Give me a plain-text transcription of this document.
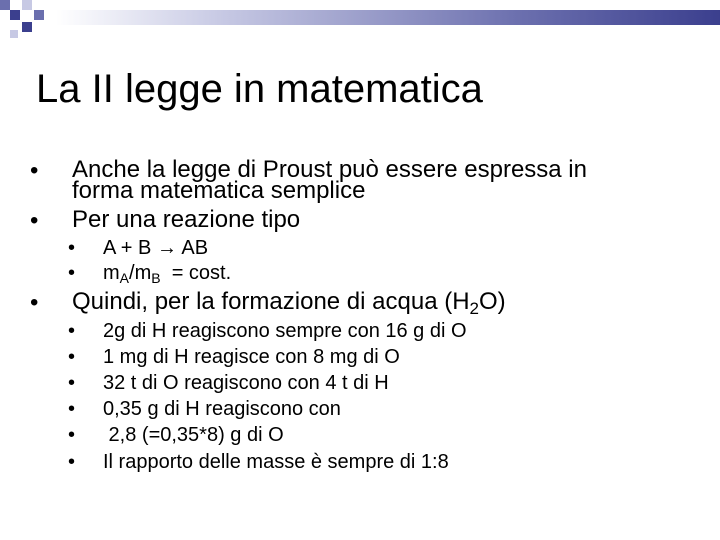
La II legge in matematica
• Anche la legge di Proust può essere espressa in
forma matematica semplice
• Per una reazione tipo
• A + B → AB
• $m_A/m_B = \cos t$.
• Quindi, per la formazione di acqua $(H_2O)$
• 2g di H reagiscono sempre con 16 g di O
• 1 mg di H reagisce con 8 mg di O
• 32 t di O reagiscono con 4 t di H
• 0,35 g di H reagiscono con
• 2,8 (=0,35*8) g di O
• Il rapporto delle masse è sempre di 1:8
